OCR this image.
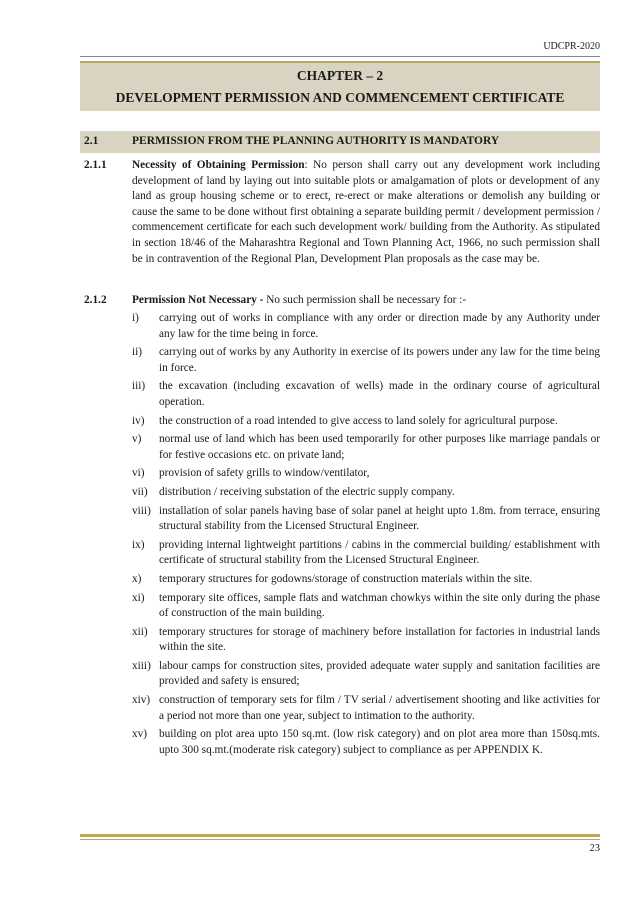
UDCPR-2020
CHAPTER – 2
DEVELOPMENT PERMISSION AND COMMENCEMENT CERTIFICATE
2.1	PERMISSION FROM THE PLANNING AUTHORITY IS MANDATORY
2.1.1 Necessity of Obtaining Permission: No person shall carry out any development work including development of land by laying out into suitable plots or amalgamation of plots or development of any land as group housing scheme or to erect, re-erect or make alterations or demolish any building or cause the same to be done without first obtaining a separate building permit / development permission / commencement certificate for each such development work/ building from the Authority. As stipulated in section 18/46 of the Maharashtra Regional and Town Planning Act, 1966, no such permission shall be in contravention of the Regional Plan, Development Plan proposals as the case may be.
2.1.2 Permission Not Necessary - No such permission shall be necessary for :-
i)	carrying out of works in compliance with any order or direction made by any Authority under any law for the time being in force.
ii)	carrying out of works by any Authority in exercise of its powers under any law for the time being in force.
iii)	the excavation (including excavation of wells) made in the ordinary course of agricultural operation.
iv)	the construction of a road intended to give access to land solely for agricultural purpose.
v)	normal use of land which has been used temporarily for other purposes like marriage pandals or for festive occasions etc. on private land;
vi)	provision of safety grills to window/ventilator,
vii) distribution / receiving substation of the electric supply company.
viii) installation of solar panels having base of solar panel at height upto 1.8m. from terrace, ensuring structural stability from the Licensed Structural Engineer.
ix)	providing internal lightweight partitions / cabins in the commercial building/ establishment with certificate of structural stability from the Licensed Structural Engineer.
x)	temporary structures for godowns/storage of construction materials within the site.
xi)	temporary site offices, sample flats and watchman chowkys within the site only during the phase of construction of the main building.
xii) temporary structures for storage of machinery before installation for factories in industrial lands within the site.
xiii) labour camps for construction sites, provided adequate water supply and sanitation facilities are provided and safety is ensured;
xiv) construction of temporary sets for film / TV serial / advertisement shooting and like activities for a period not more than one year, subject to intimation to the authority.
xv)	building on plot area upto 150 sq.mt. (low risk category) and on plot area more than 150sq.mts. upto 300 sq.mt.(moderate risk category) subject to compliance as per APPENDIX K.
23
